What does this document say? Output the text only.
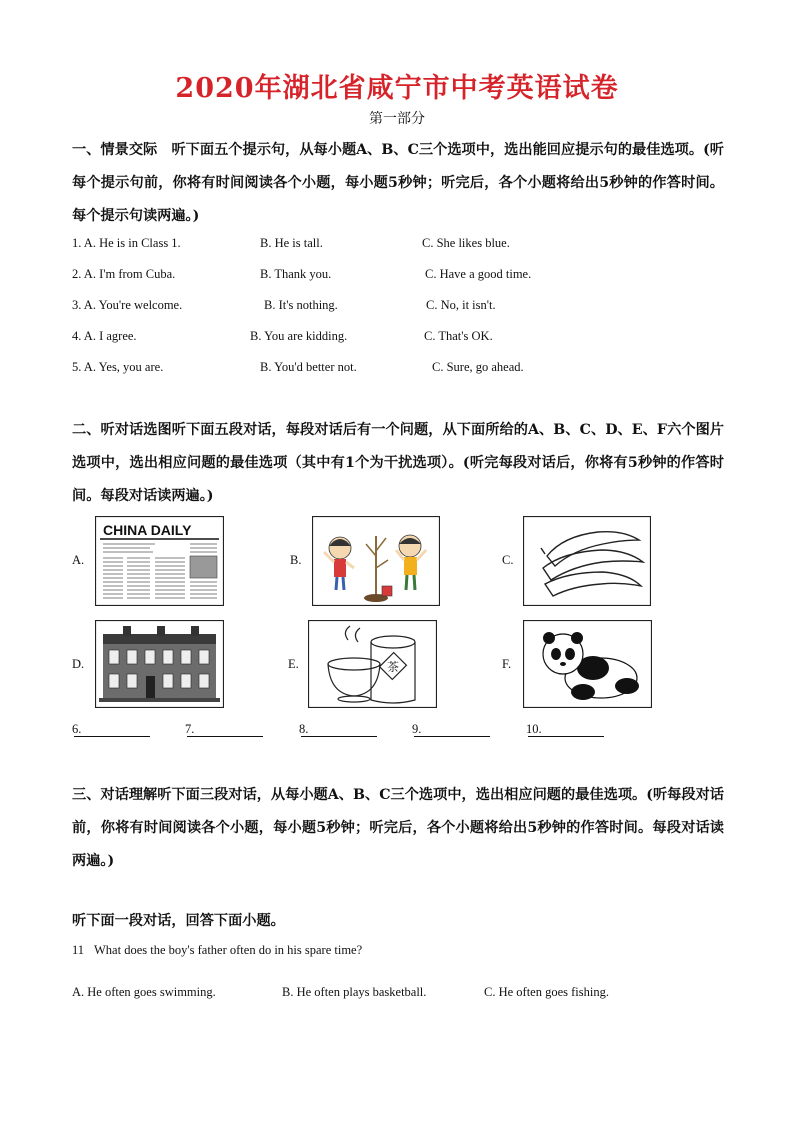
2020年湖北省咸宁市中考英语试卷
第一部分
一、情景交际　听下面五个提示句，从每小题A、B、C三个选项中，选出能回应提示句的最佳选项。(听每个提示句前，你将有时间阅读各个小题，每小题5秒钟；听完后，各个小题将给出5秒钟的作答时间。每个提示句读两遍。)
1. A. He is in Class 1.	B. He is tall.	C. She likes blue.
2. A. I'm from Cuba.	B. Thank you.	C. Have a good time.
3. A. You're welcome.	B. It's nothing.	C. No, it isn't.
4. A. I agree.	B. You are kidding.	C. That's OK.
5. A. Yes, you are.	B. You'd better not.	C. Sure, go ahead.
二、听对话选图听下面五段对话，每段对话后有一个问题，从下面所给的A、B、C、D、E、F六个图片选项中，选出相应问题的最佳选项（其中有1个为干扰选项）。(听完每段对话后，你将有5秒钟的作答时间。每段对话读两遍。)
A.
CHINA DAILY
B.	C.
D.	E.	茶	F.
6.	7.	8.	9.	10.
三、对话理解听下面三段对话，从每小题A、B、C三个选项中，选出相应问题的最佳选项。(听每段对话前，你将有时间阅读各个小题，每小题5秒钟；听完后，各个小题将给出5秒钟的作答时间。每段对话读两遍。)
听下面一段对话，回答下面小题。
11 What does the boy's father often do in his spare time?
A. He often goes swimming.	B. He often plays basketball.	C. He often goes fishing.
